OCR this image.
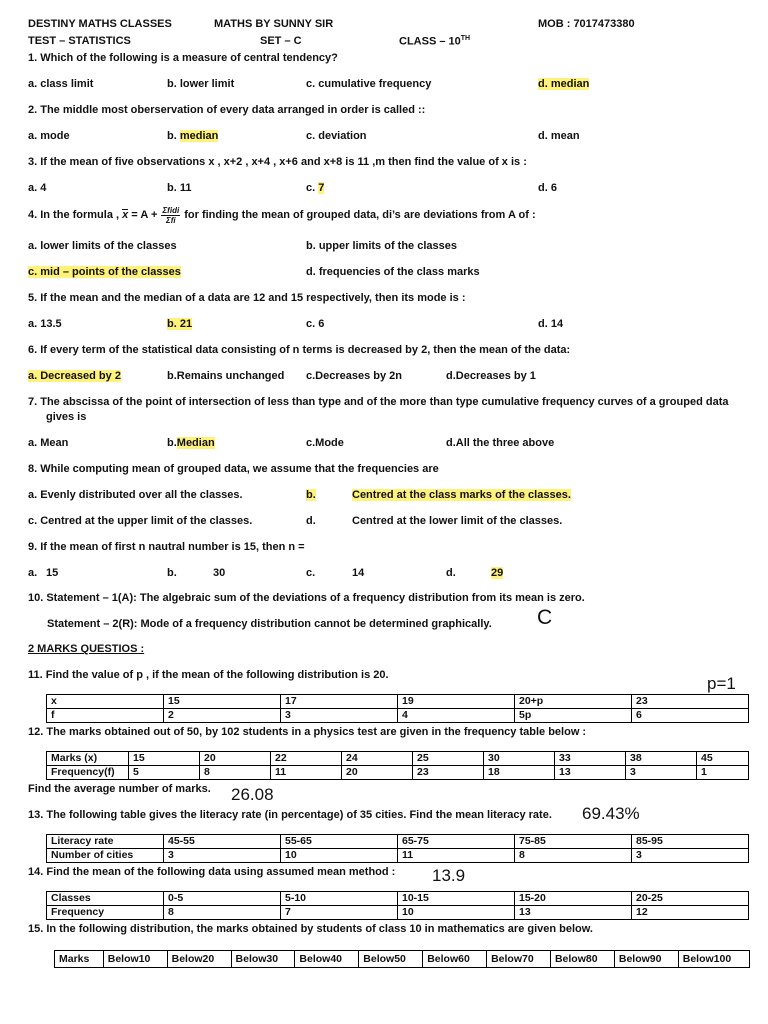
DESTINY MATHS CLASSES	MATHS BY SUNNY SIR	MOB : 7017473380
TEST – STATISTICS	SET – C	CLASS – 10TH
1. Which of the following is a measure of central tendency?
a. class limit	b. lower limit	c. cumulative frequency	d. median
2. The middle most oberservation of every data arranged in order is called ::
a. mode	b. median	c. deviation	d. mean
3. If the mean of five observations x , x+2 , x+4 , x+6 and x+8 is 11 ,m then find the value of x is :
a. 4	b. 11	c. 7	d. 6
4. In the formula , $x = A + \frac{\text{Σfidi}}{\text{Σfi}}$ for finding the mean of grouped data, di’s are deviations from A of :
a. lower limits of the classes	b. upper limits of the classes
c. mid – points of the classes	d. frequencies of the class marks
5. If the mean and the median of a data are 12 and 15 respectively, then its mode is :
a. 13.5	b. 21	c. 6	d. 14
6. If every term of the statistical data consisting of n terms is decreased by 2, then the mean of the data:
a. Decreased by 2	b.Remains unchanged c.Decreases by 2n	d.Decreases by 1
7. The abscissa of the point of intersection of less than type and of the more than type cumulative frequency curves of a grouped data
gives is
a. Mean	b.Median	c.Mode	d.All the three above
8. While computing mean of grouped data, we assume that the frequencies are
a. Evenly distributed over all the classes.	b.	Centred at the class marks of the classes.
c. Centred at the upper limit of the classes.	d.	Centred at the lower limit of the classes.
9. If the mean of first n nautral number is 15, then n =
a. 15	b.	30	c.	14	d.	29
10. Statement – 1(A): The algebraic sum of the deviations of a frequency distribution from its mean is zero.
Statement – 2(R): Mode of a frequency distribution cannot be determined graphically. C
2 MARKS QUESTIOS :
11. Find the value of p , if the mean of the following distribution is 20.	p=1
x	15	17	19	20+p	23
f	2	3	4	5p	6
12. The marks obtained out of 50, by 102 students in a physics test are given in the frequency table below :
Marks (x)	15	20	22	24	25	30	33	38	45
Frequency(f)	5	8	11	20	23	18	13	3	1
Find the average number of marks. 26.08
13. The following table gives the literacy rate (in percentage) of 35 cities. Find the mean literacy rate. 69.43%
Literacy rate	45-55	55-65	65-75	75-85	85-95
Number of cities	3	10	11	8	3
14. Find the mean of the following data using assumed mean method : 13.9
Classes	0-5	5-10	10-15	15-20	20-25
Frequency	8	7	10	13	12
15. In the following distribution, the marks obtained by students of class 10 in mathematics are given below.
Marks	Below10	Below20	Below30	Below40	Below50	Below60	Below70	Below80	Below90	Below100
